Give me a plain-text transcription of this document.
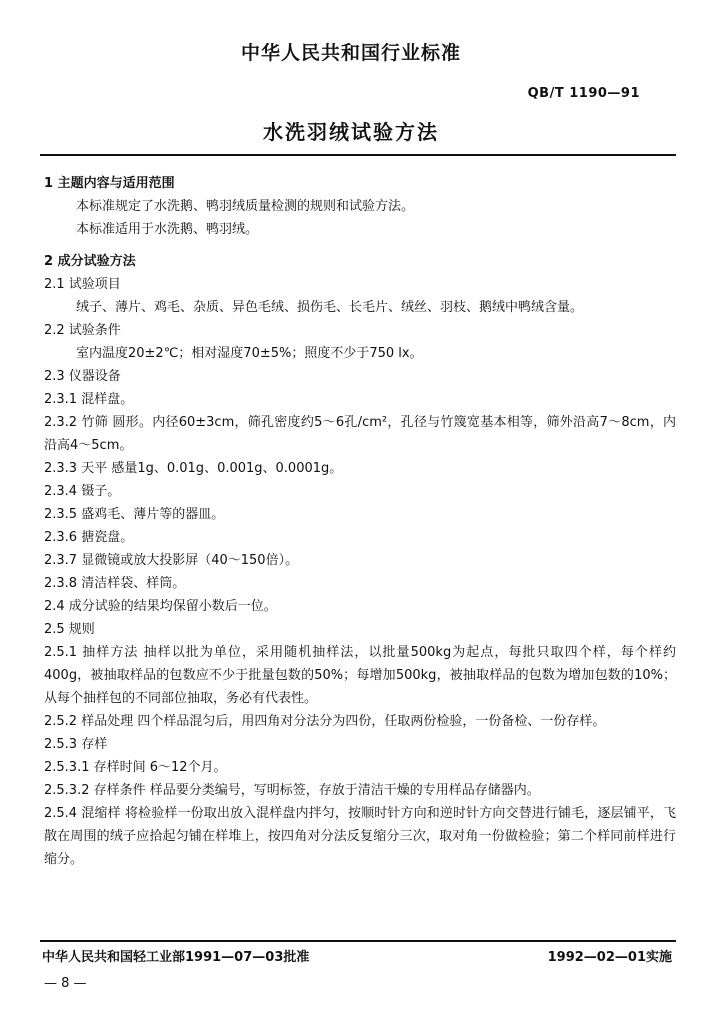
中华人民共和国行业标准
QB/T 1190—91
水洗羽绒试验方法
1 主题内容与适用范围
本标准规定了水洗鹅、鸭羽绒质量检测的规则和试验方法。
本标准适用于水洗鹅、鸭羽绒。
2 成分试验方法
2.1 试验项目
绒子、薄片、鸡毛、杂质、异色毛绒、损伤毛、长毛片、绒丝、羽枝、鹅绒中鸭绒含量。
2.2 试验条件
室内温度20±2℃；相对湿度70±5%；照度不少于750 lx。
2.3 仪器设备
2.3.1 混样盘。
2.3.2 竹筛 圆形。内径60±3cm，筛孔密度约5～6孔/cm²，孔径与竹篾宽基本相等，筛外沿高7～8cm，内沿高4～5cm。
2.3.3 天平 感量1g、0.01g、0.001g、0.0001g。
2.3.4 镊子。
2.3.5 盛鸡毛、薄片等的器皿。
2.3.6 搪瓷盘。
2.3.7 显微镜或放大投影屏（40～150倍）。
2.3.8 清洁样袋、样筒。
2.4 成分试验的结果均保留小数后一位。
2.5 规则
2.5.1 抽样方法 抽样以批为单位，采用随机抽样法，以批量500kg为起点，每批只取四个样，每个样约400g，被抽取样品的包数应不少于批量包数的50%；每增加500kg，被抽取样品的包数为增加包数的10%；从每个抽样包的不同部位抽取，务必有代表性。
2.5.2 样品处理 四个样品混匀后，用四角对分法分为四份，任取两份检验，一份备检、一份存样。
2.5.3 存样
2.5.3.1 存样时间 6～12个月。
2.5.3.2 存样条件 样品要分类编号，写明标签，存放于清洁干燥的专用样品存储器内。
2.5.4 混缩样 将检验样一份取出放入混样盘内拌匀，按顺时针方向和逆时针方向交替进行铺毛，逐层铺平，飞散在周围的绒子应拾起匀铺在样堆上，按四角对分法反复缩分三次，取对角一份做检验；第二个样同前样进行缩分。
中华人民共和国轻工业部1991—07—03批准	1992—02—01实施
— 8 —
